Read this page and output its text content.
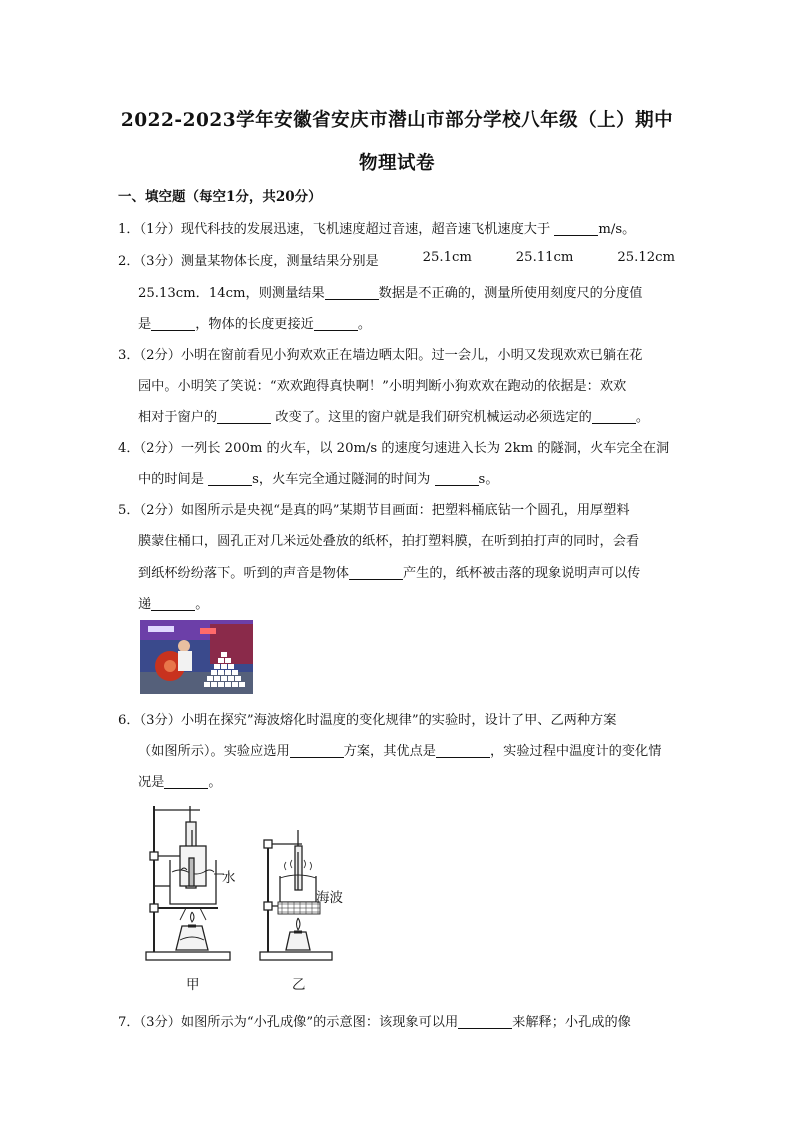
2022-2023学年安徽省安庆市潜山市部分学校八年级（上）期中
物理试卷
一、填空题（每空1分，共20分）
1．（1分）现代科技的发展迅速，飞机速度超过音速，超音速飞机速度大于	m/s。
2．（3分）测量某物体长度，测量结果分别是	25.1cm	25.11cm	25.12cm
25.13cm．14cm，则测量结果	数据是不正确的，测量所使用刻度尺的分度值
是	，物体的长度更接近	。
3．（2分）小明在窗前看见小狗欢欢正在墙边晒太阳。过一会儿，小明又发现欢欢已躺在花
园中。小明笑了笑说：“欢欢跑得真快啊！”小明判断小狗欢欢在跑动的依据是：欢欢
相对于窗户的	改变了。这里的窗户就是我们研究机械运动必须选定的	。
4．（2分）一列长 200m 的火车，以 20m/s 的速度匀速进入长为 2km 的隧洞，火车完全在洞
中的时间是	s，火车完全通过隧洞的时间为	s。
5．（2分）如图所示是央视“是真的吗”某期节目画面：把塑料桶底钻一个圆孔，用厚塑料
膜蒙住桶口，圆孔正对几米远处叠放的纸杯，拍打塑料膜，在听到拍打声的同时，会看
到纸杯纷纷落下。听到的声音是物体	产生的，纸杯被击落的现象说明声可以传
递	。
6．（3分）小明在探究”海波熔化时温度的变化规律”的实验时，设计了甲、乙两种方案
（如图所示）。实验应选用	方案，其优点是	，实验过程中温度计的变化情
况是	。
水
海波
甲	乙
7．（3分）如图所示为“小孔成像”的示意图：该现象可以用	来解释；小孔成的像
